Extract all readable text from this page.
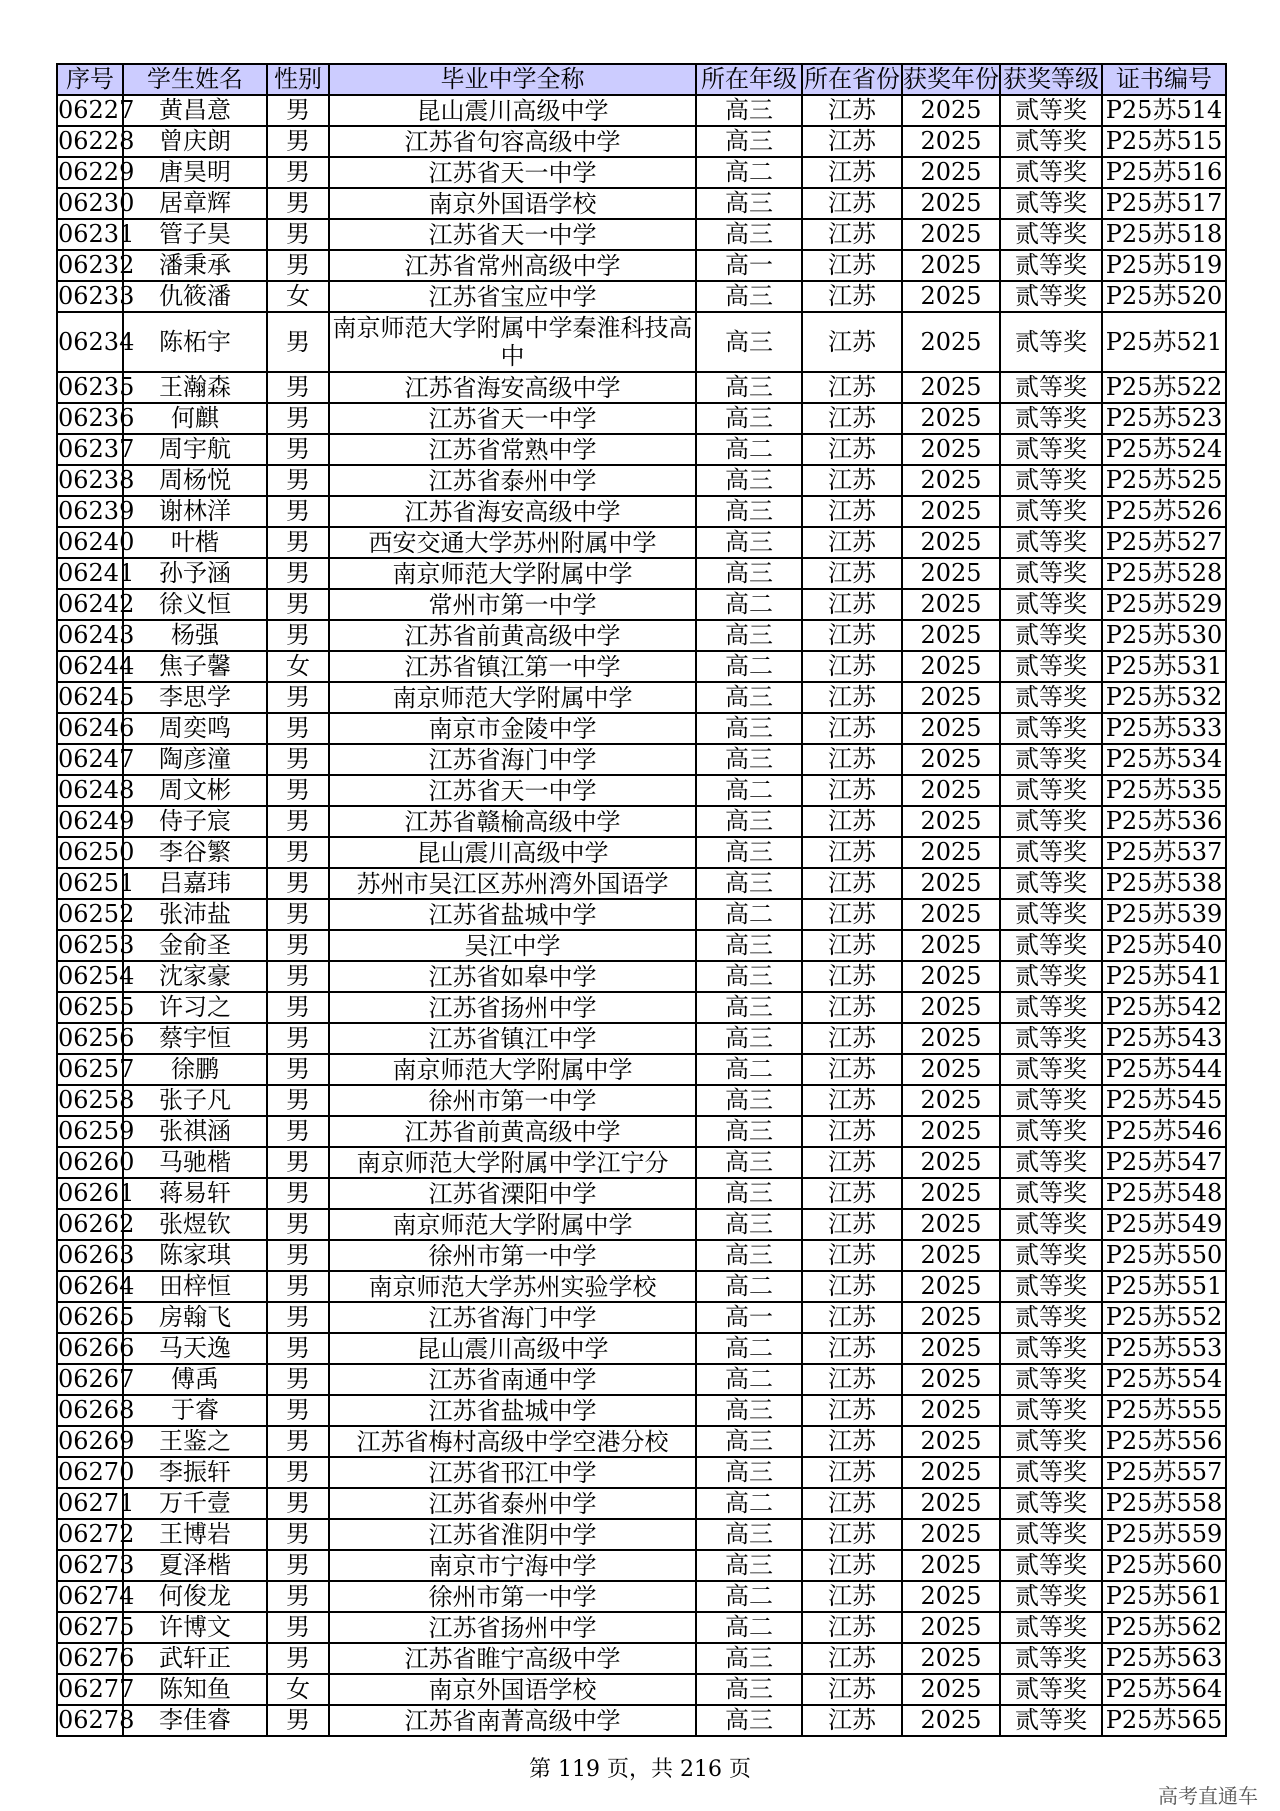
序号	学生姓名	性别	毕业中学全称	所在年级	所在省份	获奖年份	获奖等级	证书编号
06227	黄昌意	男	昆山震川高级中学	高三	江苏	2025	贰等奖	P25苏514
06228	曾庆朗	男	江苏省句容高级中学	高三	江苏	2025	贰等奖	P25苏515
06229	唐昊明	男	江苏省天一中学	高二	江苏	2025	贰等奖	P25苏516
06230	居章辉	男	南京外国语学校	高三	江苏	2025	贰等奖	P25苏517
06231	管子昊	男	江苏省天一中学	高三	江苏	2025	贰等奖	P25苏518
06232	潘秉承	男	江苏省常州高级中学	高一	江苏	2025	贰等奖	P25苏519
06233	仇筱潘	女	江苏省宝应中学	高三	江苏	2025	贰等奖	P25苏520
06234	陈柘宇	男	南京师范大学附属中学秦淮科技高中	高三	江苏	2025	贰等奖	P25苏521
06235	王瀚森	男	江苏省海安高级中学	高三	江苏	2025	贰等奖	P25苏522
06236	何麒	男	江苏省天一中学	高三	江苏	2025	贰等奖	P25苏523
06237	周宇航	男	江苏省常熟中学	高二	江苏	2025	贰等奖	P25苏524
06238	周杨悦	男	江苏省泰州中学	高三	江苏	2025	贰等奖	P25苏525
06239	谢林洋	男	江苏省海安高级中学	高三	江苏	2025	贰等奖	P25苏526
06240	叶楷	男	西安交通大学苏州附属中学	高三	江苏	2025	贰等奖	P25苏527
06241	孙予涵	男	南京师范大学附属中学	高三	江苏	2025	贰等奖	P25苏528
06242	徐义恒	男	常州市第一中学	高二	江苏	2025	贰等奖	P25苏529
06243	杨强	男	江苏省前黄高级中学	高三	江苏	2025	贰等奖	P25苏530
06244	焦子馨	女	江苏省镇江第一中学	高二	江苏	2025	贰等奖	P25苏531
06245	李思学	男	南京师范大学附属中学	高三	江苏	2025	贰等奖	P25苏532
06246	周奕鸣	男	南京市金陵中学	高三	江苏	2025	贰等奖	P25苏533
06247	陶彦潼	男	江苏省海门中学	高三	江苏	2025	贰等奖	P25苏534
06248	周文彬	男	江苏省天一中学	高二	江苏	2025	贰等奖	P25苏535
06249	侍子宸	男	江苏省赣榆高级中学	高三	江苏	2025	贰等奖	P25苏536
06250	李谷繁	男	昆山震川高级中学	高三	江苏	2025	贰等奖	P25苏537
06251	吕嘉玮	男	苏州市吴江区苏州湾外国语学	高三	江苏	2025	贰等奖	P25苏538
06252	张沛盐	男	江苏省盐城中学	高二	江苏	2025	贰等奖	P25苏539
06253	金俞圣	男	吴江中学	高三	江苏	2025	贰等奖	P25苏540
06254	沈家豪	男	江苏省如皋中学	高三	江苏	2025	贰等奖	P25苏541
06255	许习之	男	江苏省扬州中学	高三	江苏	2025	贰等奖	P25苏542
06256	蔡宇恒	男	江苏省镇江中学	高三	江苏	2025	贰等奖	P25苏543
06257	徐鹏	男	南京师范大学附属中学	高二	江苏	2025	贰等奖	P25苏544
06258	张子凡	男	徐州市第一中学	高三	江苏	2025	贰等奖	P25苏545
06259	张祺涵	男	江苏省前黄高级中学	高三	江苏	2025	贰等奖	P25苏546
06260	马驰楷	男	南京师范大学附属中学江宁分	高三	江苏	2025	贰等奖	P25苏547
06261	蒋易轩	男	江苏省溧阳中学	高三	江苏	2025	贰等奖	P25苏548
06262	张煜钦	男	南京师范大学附属中学	高三	江苏	2025	贰等奖	P25苏549
06263	陈家琪	男	徐州市第一中学	高三	江苏	2025	贰等奖	P25苏550
06264	田梓恒	男	南京师范大学苏州实验学校	高二	江苏	2025	贰等奖	P25苏551
06265	房翰飞	男	江苏省海门中学	高一	江苏	2025	贰等奖	P25苏552
06266	马天逸	男	昆山震川高级中学	高二	江苏	2025	贰等奖	P25苏553
06267	傅禹	男	江苏省南通中学	高二	江苏	2025	贰等奖	P25苏554
06268	于睿	男	江苏省盐城中学	高三	江苏	2025	贰等奖	P25苏555
06269	王鉴之	男	江苏省梅村高级中学空港分校	高三	江苏	2025	贰等奖	P25苏556
06270	李振轩	男	江苏省邗江中学	高三	江苏	2025	贰等奖	P25苏557
06271	万千壹	男	江苏省泰州中学	高二	江苏	2025	贰等奖	P25苏558
06272	王博岩	男	江苏省淮阴中学	高三	江苏	2025	贰等奖	P25苏559
06273	夏泽楷	男	南京市宁海中学	高三	江苏	2025	贰等奖	P25苏560
06274	何俊龙	男	徐州市第一中学	高二	江苏	2025	贰等奖	P25苏561
06275	许博文	男	江苏省扬州中学	高二	江苏	2025	贰等奖	P25苏562
06276	武轩正	男	江苏省睢宁高级中学	高三	江苏	2025	贰等奖	P25苏563
06277	陈知鱼	女	南京外国语学校	高三	江苏	2025	贰等奖	P25苏564
06278	李佳睿	男	江苏省南菁高级中学	高三	江苏	2025	贰等奖	P25苏565
第 119 页，共 216 页
高考直通车
